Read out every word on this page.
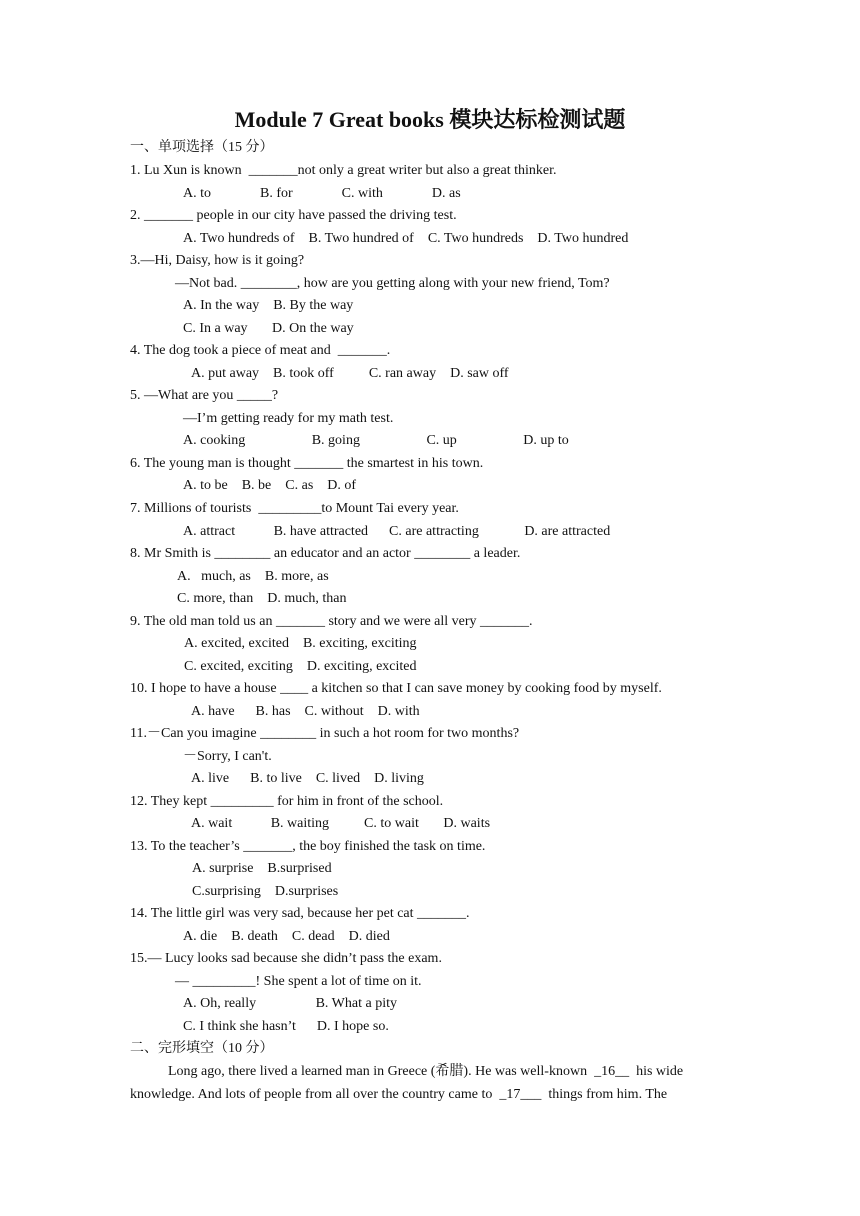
Module 7 Great books 模块达标检测试题
一、单项选择（15 分）
1. Lu Xun is known  _______not only a great writer but also a great thinker.
A. to              B. for              C. with              D. as
2. _______ people in our city have passed the driving test.
A. Two hundreds of    B. Two hundred of    C. Two hundreds    D. Two hundred
3.—Hi, Daisy, how is it going?
—Not bad. ________, how are you getting along with your new friend, Tom?
A. In the way    B. By the way
C. In a way       D. On the way
4. The dog took a piece of meat and  _______.
A. put away    B. took off          C. ran away    D. saw off
5. —What are you _____?
—I’m getting ready for my math test.
A. cooking                   B. going                   C. up                   D. up to
6. The young man is thought _______ the smartest in his town.
A. to be    B. be    C. as    D. of
7. Millions of tourists  _________to Mount Tai every year.
A. attract           B. have attracted      C. are attracting             D. are attracted
8. Mr Smith is ________ an educator and an actor ________ a leader.
A.   much, as    B. more, as
C. more, than    D. much, than
9. The old man told us an _______ story and we were all very _______.
A. excited, excited    B. exciting, exciting
C. excited, exciting    D. exciting, excited
10. I hope to have a house ____ a kitchen so that I can save money by cooking food by myself.
A. have      B. has    C. without    D. with
11.－Can you imagine ________ in such a hot room for two months?
－Sorry, I can't.
A. live      B. to live    C. lived    D. living
12. They kept _________ for him in front of the school.
A. wait           B. waiting          C. to wait       D. waits
13. To the teacher’s _______, the boy finished the task on time.
A. surprise    B.surprised
C.surprising    D.surprises
14. The little girl was very sad, because her pet cat _______.
A. die    B. death    C. dead    D. died
15.— Lucy looks sad because she didn’t pass the exam.
— _________! She spent a lot of time on it.
A. Oh, really                 B. What a pity
C. I think she hasn’t      D. I hope so.
二、完形填空（10 分）
Long ago, there lived a learned man in Greece (希腊). He was well-known  _16__  his wide
knowledge. And lots of people from all over the country came to  _17___  things from him. The
